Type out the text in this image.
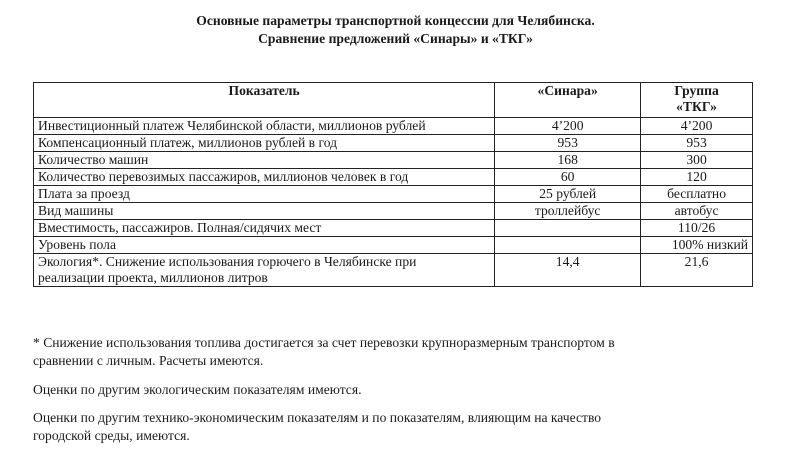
Основные параметры транспортной концессии для Челябинска.
Сравнение предложений «Синары» и «ТКГ»
Показатель	«Синара»	Группа
«ТКГ»

Инвестиционный платеж Челябинской области, миллионов рублей	4’200	4’200
Компенсационный платеж, миллионов рублей в год	953	953
Количество машин	168	300
Количество перевозимых пассажиров, миллионов человек в год	60	120
Плата за проезд	25 рублей	бесплатно
Вид машины	троллейбус	автобус
Вместимость, пассажиров. Полная/сидячих мест		110/26
Уровень пола		100% низкий

Экология*. Снижение использования горючего в Челябинске при
реализации проекта, миллионов литров	14,4	21,6
* Снижение использования топлива достигается за счет перевозки крупноразмерным транспортом в
сравнении с личным. Расчеты имеются.
Оценки по другим экологическим показателям имеются.
Оценки по другим технико-экономическим показателям и по показателям, влияющим на качество
городской среды, имеются.
